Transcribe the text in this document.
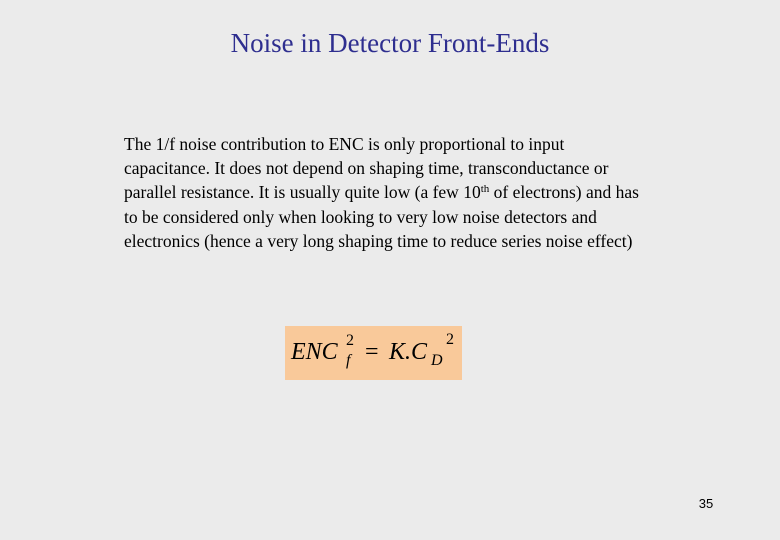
Noise in Detector Front-Ends

The 1/f noise contribution to ENC is only proportional to input capacitance. It does not depend on shaping time, transconductance or parallel resistance. It is usually quite low (a few 10th of electrons) and has to be considered only when looking to very low noise detectors and electronics (hence a very long shaping time to reduce series noise effect)

ENC 2
f = K.C D
2
35
